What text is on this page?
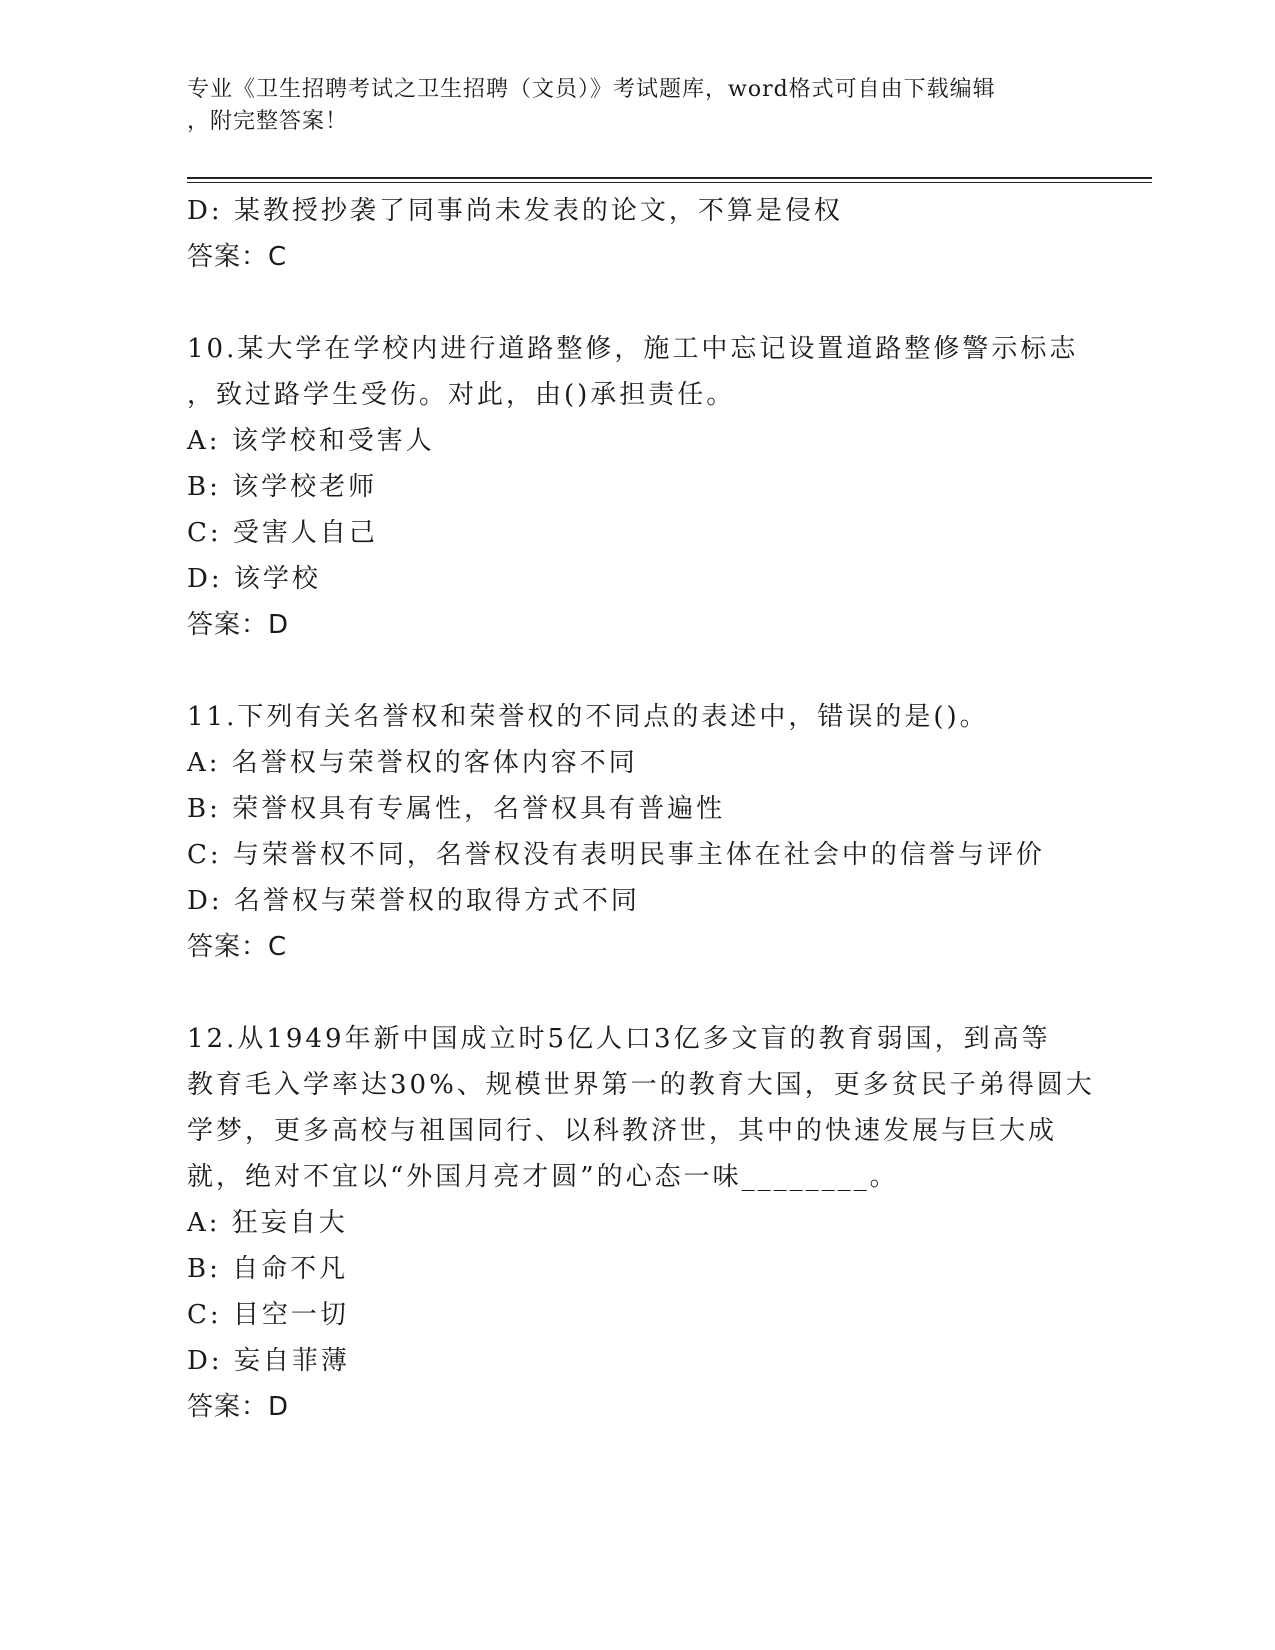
专业《卫生招聘考试之卫生招聘（文员）》考试题库，word格式可自由下载编辑
，附完整答案！
D: 某教授抄袭了同事尚未发表的论文，不算是侵权
答案：C
10.某大学在学校内进行道路整修，施工中忘记设置道路整修警示标志
，致过路学生受伤。对此，由()承担责任。
A: 该学校和受害人
B: 该学校老师
C: 受害人自己
D: 该学校
答案：D
11.下列有关名誉权和荣誉权的不同点的表述中，错误的是()。
A: 名誉权与荣誉权的客体内容不同
B: 荣誉权具有专属性，名誉权具有普遍性
C: 与荣誉权不同，名誉权没有表明民事主体在社会中的信誉与评价
D: 名誉权与荣誉权的取得方式不同
答案：C
12.从1949年新中国成立时5亿人口3亿多文盲的教育弱国，到高等
教育毛入学率达30%、规模世界第一的教育大国，更多贫民子弟得圆大
学梦，更多高校与祖国同行、以科教济世，其中的快速发展与巨大成
就，绝对不宜以“外国月亮才圆”的心态一味________。
A: 狂妄自大
B: 自命不凡
C: 目空一切
D: 妄自菲薄
答案：D
